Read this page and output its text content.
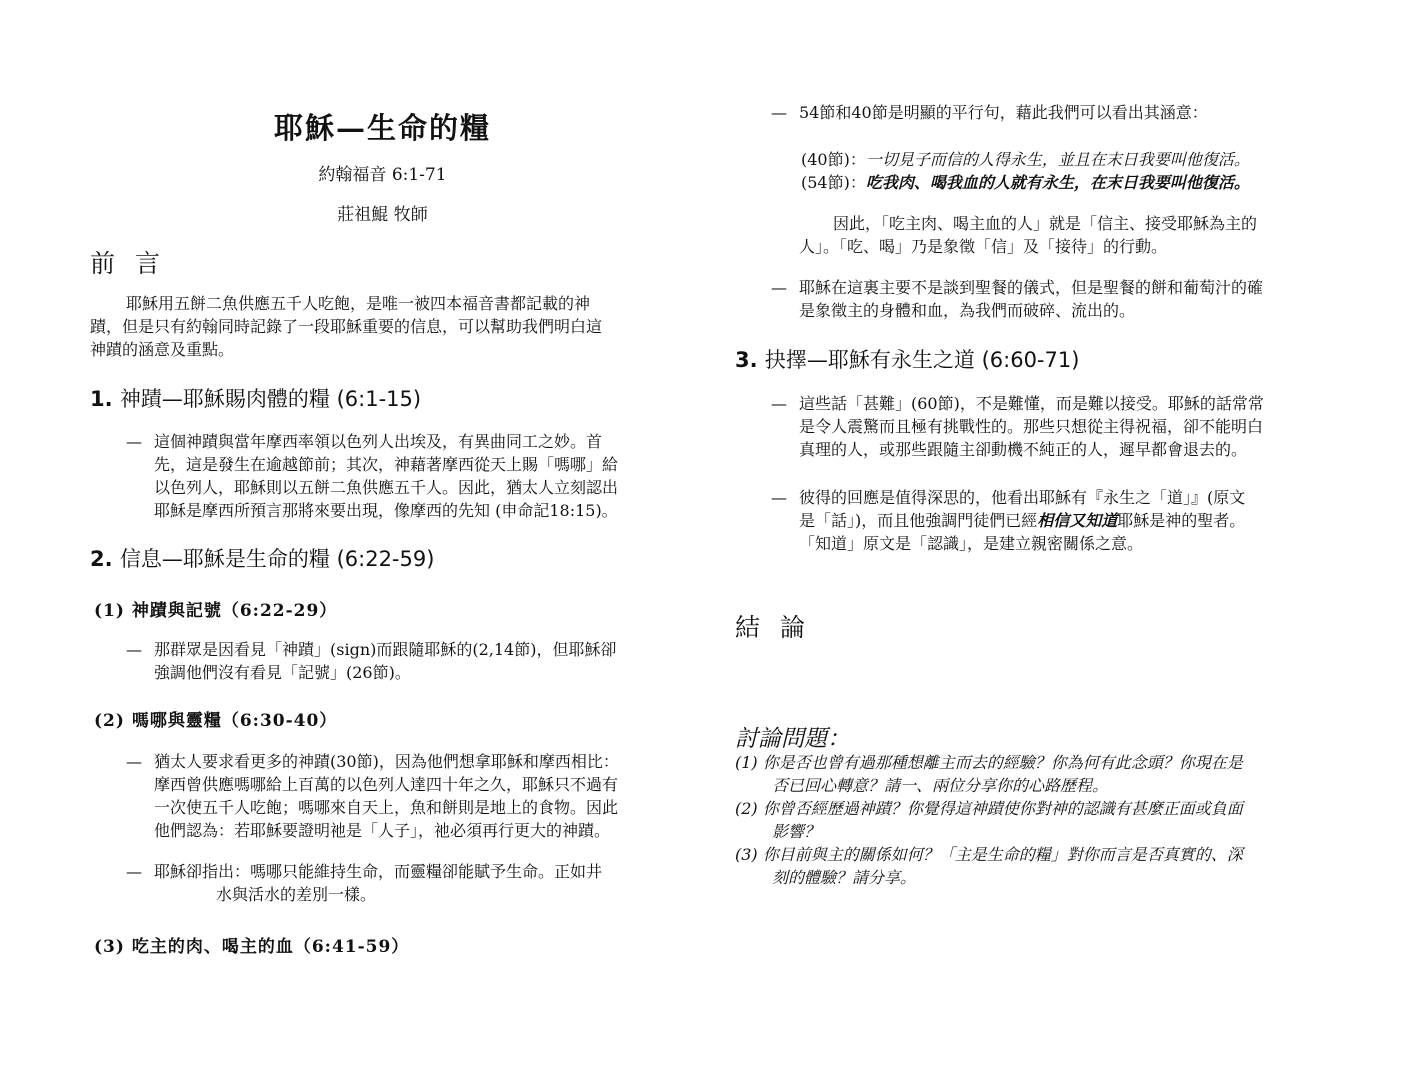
耶穌—生命的糧
約翰福音 6:1-71
莊祖鯤 牧師
前 言
耶穌用五餅二魚供應五千人吃飽，是唯一被四本福音書都記載的神
蹟，但是只有約翰同時記錄了一段耶穌重要的信息，可以幫助我們明白這
神蹟的涵意及重點。
1. 神蹟—耶穌賜肉體的糧 (6:1-15)
— 這個神蹟與當年摩西率領以色列人出埃及，有異曲同工之妙。首
先，這是發生在逾越節前；其次，神藉著摩西從天上賜「嗎哪」給
以色列人，耶穌則以五餅二魚供應五千人。因此，猶太人立刻認出
耶穌是摩西所預言那將來要出現，像摩西的先知 (申命記18:15)。
2. 信息—耶穌是生命的糧 (6:22-59)
(1) 神蹟與記號（6:22-29）
— 那群眾是因看見「神蹟」(sign)而跟隨耶穌的(2,14節)，但耶穌卻
強調他們沒有看見「記號」(26節)。
(2) 嗎哪與靈糧（6:30-40）
— 猶太人要求看更多的神蹟(30節)，因為他們想拿耶穌和摩西相比：
摩西曾供應嗎哪給上百萬的以色列人達四十年之久，耶穌只不過有
一次使五千人吃飽；嗎哪來自天上，魚和餅則是地上的食物。因此
他們認為：若耶穌要證明祂是「人子」，祂必須再行更大的神蹟。
— 耶穌卻指出：嗎哪只能維持生命，而靈糧卻能賦予生命。正如井
水與活水的差別一樣。
(3) 吃主的肉、喝主的血（6:41-59）
— 54節和40節是明顯的平行句，藉此我們可以看出其涵意：
(40節)：一切見子而信的人得永生，並且在末日我要叫他復活。
(54節)：吃我肉、喝我血的人就有永生，在末日我要叫他復活。
因此，「吃主肉、喝主血的人」就是「信主、接受耶穌為主的
人」。「吃、喝」乃是象徵「信」及「接待」的行動。
— 耶穌在這裏主要不是談到聖餐的儀式，但是聖餐的餅和葡萄汁的確
是象徵主的身體和血，為我們而破碎、流出的。
3. 抉擇—耶穌有永生之道 (6:60-71)
— 這些話「甚難」(60節)，不是難懂，而是難以接受。耶穌的話常常
是令人震驚而且極有挑戰性的。那些只想從主得祝福，卻不能明白
真理的人，或那些跟隨主卻動機不純正的人，遲早都會退去的。
— 彼得的回應是值得深思的，他看出耶穌有『永生之「道」』(原文
是「話」)，而且他強調門徒們已經相信又知道耶穌是神的聖者。
「知道」原文是「認識」，是建立親密關係之意。
結 論
討論問題：
(1) 你是否也曾有過那種想離主而去的經驗？你為何有此念頭？你現在是
否已回心轉意？請一、兩位分享你的心路歷程。
(2) 你曾否經歷過神蹟？你覺得這神蹟使你對神的認識有甚麼正面或負面
影響？
(3) 你目前與主的關係如何？「主是生命的糧」對你而言是否真實的、深
刻的體驗？請分享。
